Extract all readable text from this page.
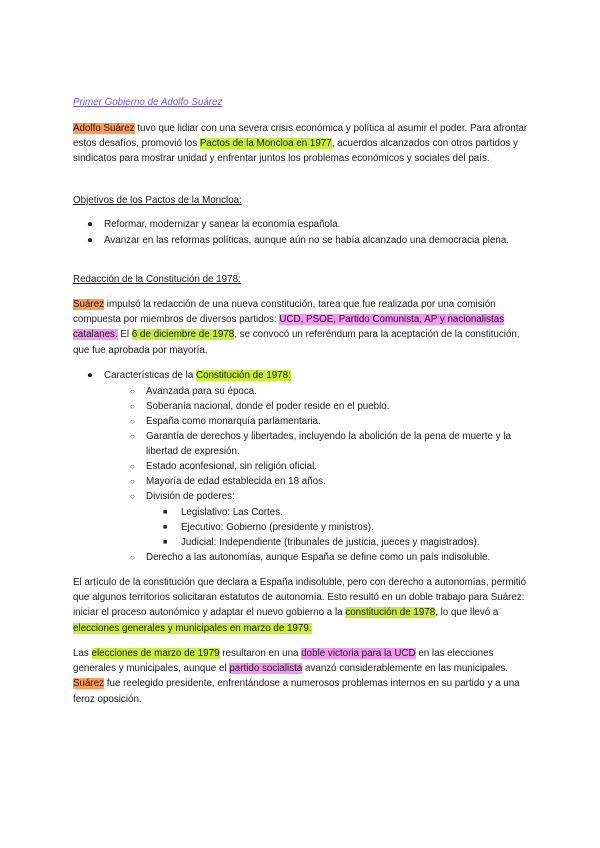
Primer Gobierno de Adolfo Suárez

Adolfo Suárez tuvo que lidiar con una severa crisis económica y política al asumir el poder. Para afrontar estos desafíos, promovió los Pactos de la Moncloa en 1977, acuerdos alcanzados con otros partidos y sindicatos para mostrar unidad y enfrentar juntos los problemas económicos y sociales del país.

Objetivos de los Pactos de la Moncloa:
● Reformar, modernizar y sanear la economía española.
● Avanzar en las reformas políticas, aunque aún no se había alcanzado una democracia plena.
Redacción de la Constitución de 1978:

Suárez impulsó la redacción de una nueva constitución, tarea que fue realizada por una comisión compuesta por miembros de diversos partidos: UCD, PSOE, Partido Comunista, AP y nacionalistas catalanes. El 6 de diciembre de 1978, se convocó un referéndum para la aceptación de la constitución, que fue aprobada por mayoría.

● Características de la Constitución de 1978:
○ Avanzada para su época.
○ Soberanía nacional, donde el poder reside en el pueblo.
○ España como monarquía parlamentaria.
○ Garantía de derechos y libertades, incluyendo la abolición de la pena de muerte y la libertad de expresión.
○ Estado aconfesional, sin religión oficial.
○ Mayoría de edad establecida en 18 años.
○ División de poderes:
■ Legislativo: Las Cortes.
■ Ejecutivo: Gobierno (presidente y ministros).
■ Judicial: Independiente (tribunales de justicia, jueces y magistrados).
○ Derecho a las autonomías, aunque España se define como un país indisoluble.

El artículo de la constitución que declara a España indisoluble, pero con derecho a autonomías, permitió que algunos territorios solicitaran estatutos de autonomía. Esto resultó en un doble trabajo para Suárez: iniciar el proceso autonómico y adaptar el nuevo gobierno a la constitución de 1978, lo que llevó a elecciones generales y municipales en marzo de 1979.

Las elecciones de marzo de 1979 resultaron en una doble victoria para la UCD en las elecciones generales y municipales, aunque el partido socialista avanzó considerablemente en las municipales. Suárez fue reelegido presidente, enfrentándose a numerosos problemas internos en su partido y a una feroz oposición.
